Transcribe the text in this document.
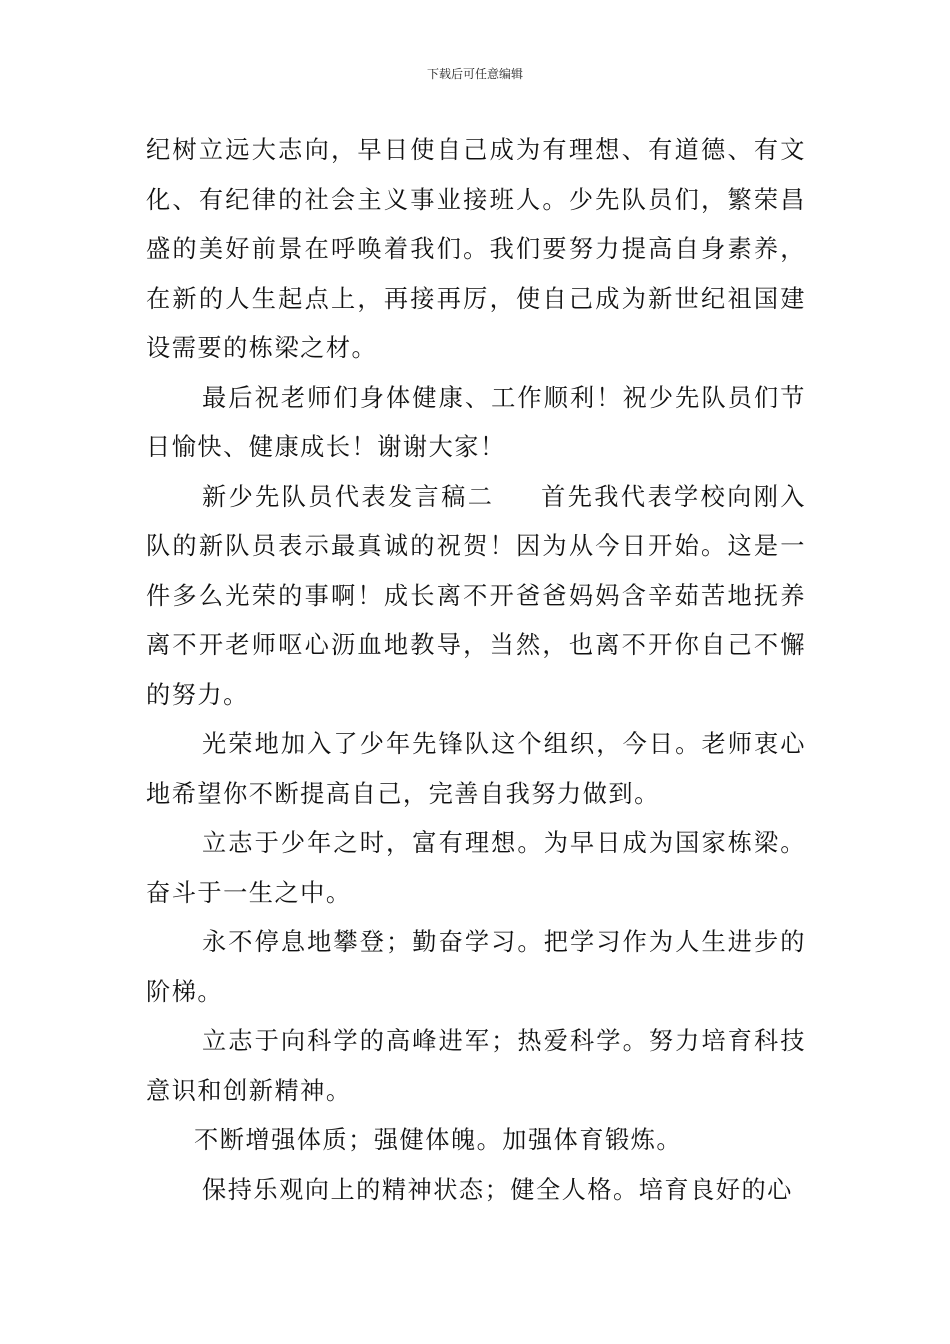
下载后可任意编辑

纪树立远大志向，早日使自己成为有理想、有道德、有文化、有纪律的社会主义事业接班人。少先队员们，繁荣昌盛的美好前景在呼唤着我们。我们要努力提高自身素养，在新的人生起点上，再接再厉，使自己成为新世纪祖国建设需要的栋梁之材。

最后祝老师们身体健康、工作顺利！祝少先队员们节日愉快、健康成长！谢谢大家！

新少先队员代表发言稿二 首先我代表学校向刚入队的新队员表示最真诚的祝贺！因为从今日开始。这是一件多么光荣的事啊！成长离不开爸爸妈妈含辛茹苦地抚养离不开老师呕心沥血地教导，当然，也离不开你自己不懈的努力。

光荣地加入了少年先锋队这个组织，今日。老师衷心地希望你不断提高自己，完善自我努力做到。

立志于少年之时，富有理想。为早日成为国家栋梁。奋斗于一生之中。

永不停息地攀登；勤奋学习。把学习作为人生进步的阶梯。

立志于向科学的高峰进军；热爱科学。努力培育科技意识和创新精神。

不断增强体质；强健体魄。加强体育锻炼。

保持乐观向上的精神状态；健全人格。培育良好的心
